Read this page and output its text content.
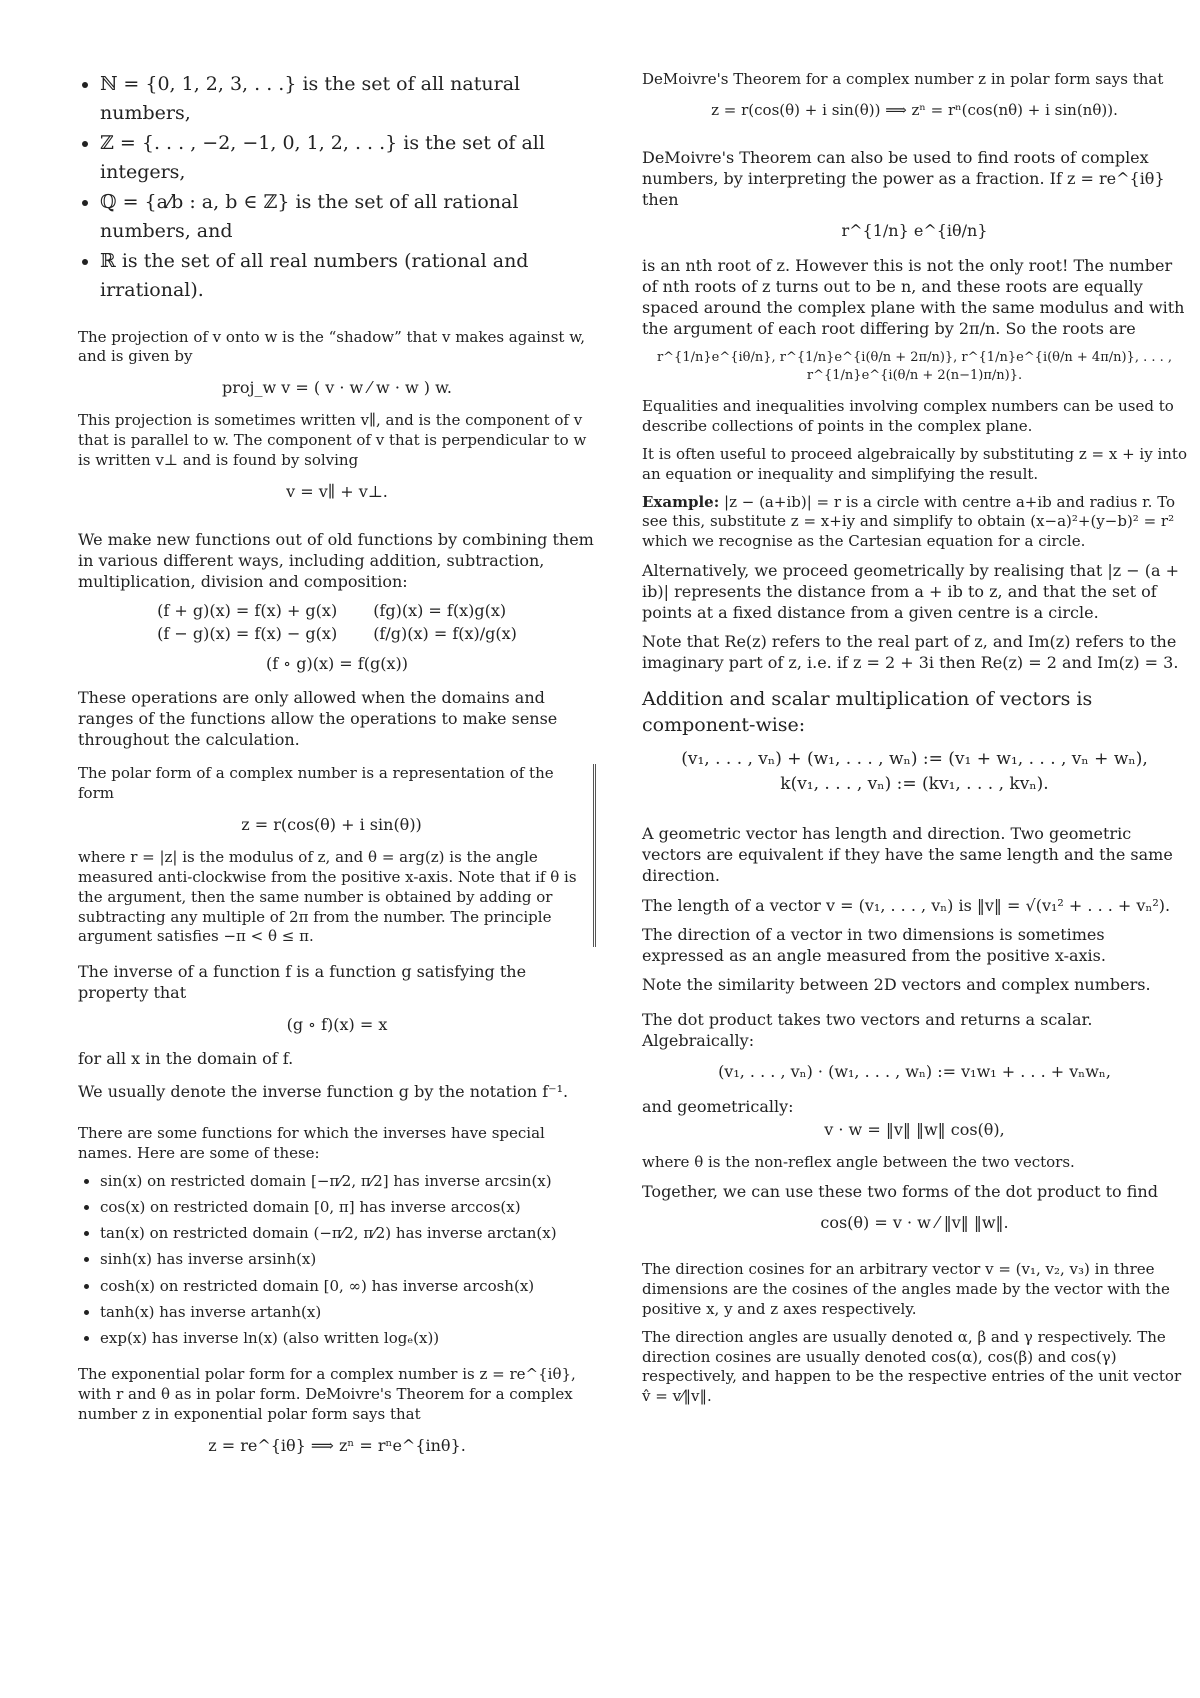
• ℕ = {0, 1, 2, 3, . . .} is the set of all natural numbers,
• ℤ = {. . . , −2, −1, 0, 1, 2, . . .} is the set of all integers,
• ℚ = {a⁄b : a, b ∈ ℤ} is the set of all rational numbers, and
• ℝ is the set of all real numbers (rational and irrational).

The projection of v onto w is the “shadow” that v makes against w, and is given by

proj_w v = ( v · w ⁄ w · w ) w.

This projection is sometimes written v∥, and is the component of v that is parallel to w. The component of v that is perpendicular to w is written v⊥ and is found by solving

v = v∥ + v⊥.

We make new functions out of old functions by combining them in various different ways, including addition, subtraction, multiplication, division and composition:

(f + g)(x) = f(x) + g(x) (fg)(x) = f(x)g(x)
(f − g)(x) = f(x) − g(x) (f/g)(x) = f(x)/g(x)
(f ∘ g)(x) = f(g(x))

These operations are only allowed when the domains and ranges of the functions allow the operations to make sense throughout the calculation.

The polar form of a complex number is a representation of the form

z = r(cos(θ) + i sin(θ))

where r = |z| is the modulus of z, and θ = arg(z) is the angle measured anti-clockwise from the positive x-axis. Note that if θ is the argument, then the same number is obtained by adding or subtracting any multiple of 2π from the number. The principle argument satisfies −π < θ ≤ π.

The inverse of a function f is a function g satisfying the property that

(g ∘ f)(x) = x

for all x in the domain of f.

We usually denote the inverse function g by the notation f⁻¹.

There are some functions for which the inverses have special names. Here are some of these:

• sin(x) on restricted domain [−π⁄2, π⁄2] has inverse arcsin(x)
• cos(x) on restricted domain [0, π] has inverse arccos(x)
• tan(x) on restricted domain (−π⁄2, π⁄2) has inverse arctan(x)
• sinh(x) has inverse arsinh(x)
• cosh(x) on restricted domain [0, ∞) has inverse arcosh(x)
• tanh(x) has inverse artanh(x)
• exp(x) has inverse ln(x) (also written logₑ(x))

The exponential polar form for a complex number is z = re^{iθ}, with r and θ as in polar form. DeMoivre's Theorem for a complex number z in exponential polar form says that

z = re^{iθ} ⟹ zⁿ = rⁿe^{inθ}.

DeMoivre's Theorem for a complex number z in polar form says that

z = r(cos(θ) + i sin(θ)) ⟹ zⁿ = rⁿ(cos(nθ) + i sin(nθ)).

DeMoivre's Theorem can also be used to find roots of complex numbers, by interpreting the power as a fraction. If z = re^{iθ} then

r^{1/n} e^{iθ/n}

is an nth root of z. However this is not the only root! The number of nth roots of z turns out to be n, and these roots are equally spaced around the complex plane with the same modulus and with the argument of each root differing by 2π/n. So the roots are

r^{1/n}e^{iθ/n}, r^{1/n}e^{i(θ/n + 2π/n)}, r^{1/n}e^{i(θ/n + 4π/n)}, . . . , r^{1/n}e^{i(θ/n + 2(n−1)π/n)}.

Equalities and inequalities involving complex numbers can be used to describe collections of points in the complex plane.

It is often useful to proceed algebraically by substituting z = x + iy into an equation or inequality and simplifying the result.

Example: |z − (a+ib)| = r is a circle with centre a+ib and radius r. To see this, substitute z = x+iy and simplify to obtain (x−a)²+(y−b)² = r² which we recognise as the Cartesian equation for a circle.

Alternatively, we proceed geometrically by realising that |z − (a + ib)| represents the distance from a + ib to z, and that the set of points at a fixed distance from a given centre is a circle.

Note that Re(z) refers to the real part of z, and Im(z) refers to the imaginary part of z, i.e. if z = 2 + 3i then Re(z) = 2 and Im(z) = 3.

Addition and scalar multiplication of vectors is component-wise:

(v₁, . . . , vₙ) + (w₁, . . . , wₙ) := (v₁ + w₁, . . . , vₙ + wₙ),
k(v₁, . . . , vₙ) := (kv₁, . . . , kvₙ).

A geometric vector has length and direction. Two geometric vectors are equivalent if they have the same length and the same direction.

The length of a vector v = (v₁, . . . , vₙ) is ‖v‖ = √(v₁² + . . . + vₙ²).

The direction of a vector in two dimensions is sometimes expressed as an angle measured from the positive x-axis.

Note the similarity between 2D vectors and complex numbers.

The dot product takes two vectors and returns a scalar. Algebraically:

(v₁, . . . , vₙ) · (w₁, . . . , wₙ) := v₁w₁ + . . . + vₙwₙ,

and geometrically:

v · w = ‖v‖ ‖w‖ cos(θ),

where θ is the non-reflex angle between the two vectors.

Together, we can use these two forms of the dot product to find

cos(θ) = v · w ⁄ ‖v‖ ‖w‖.

The direction cosines for an arbitrary vector v = (v₁, v₂, v₃) in three dimensions are the cosines of the angles made by the vector with the positive x, y and z axes respectively.

The direction angles are usually denoted α, β and γ respectively. The direction cosines are usually denoted cos(α), cos(β) and cos(γ) respectively, and happen to be the respective entries of the unit vector v̂ = v⁄‖v‖.
